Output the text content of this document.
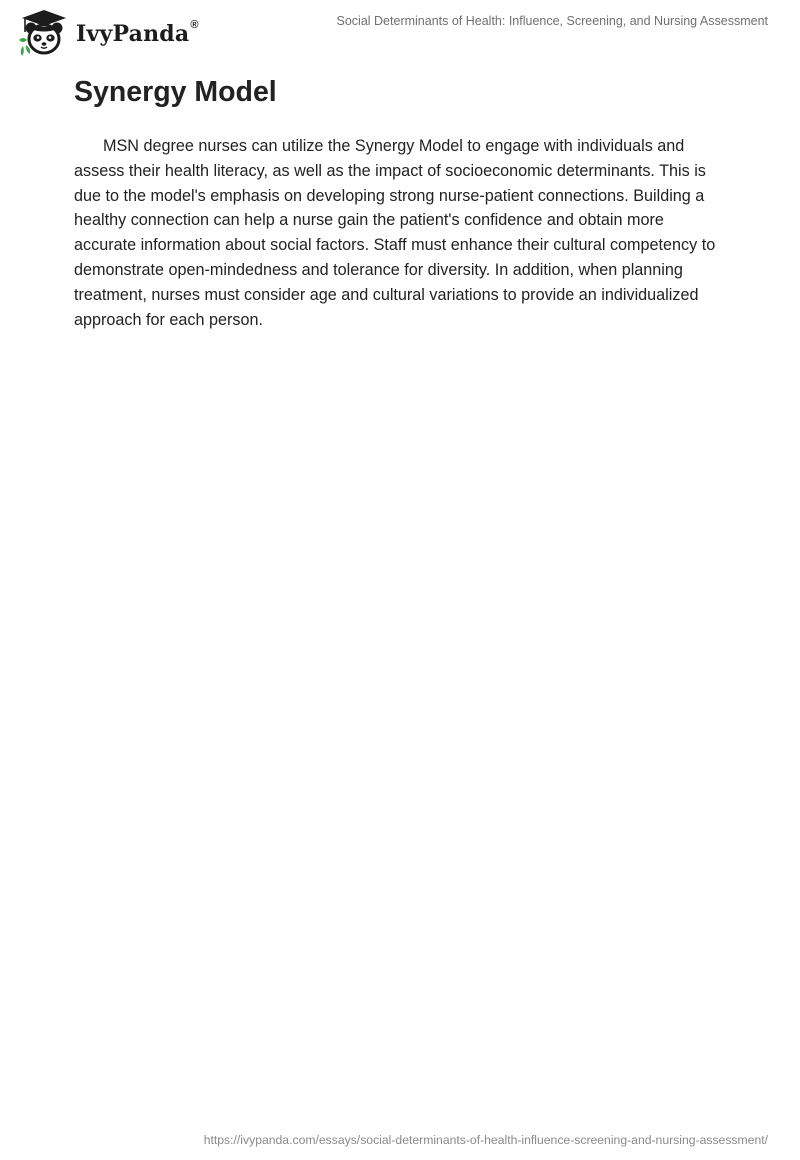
IvyPanda®	Social Determinants of Health: Influence, Screening, and Nursing Assessment
Synergy Model

MSN degree nurses can utilize the Synergy Model to engage with individuals and assess their health literacy, as well as the impact of socioeconomic determinants. This is due to the model's emphasis on developing strong nurse-patient connections. Building a healthy connection can help a nurse gain the patient's confidence and obtain more accurate information about social factors. Staff must enhance their cultural competency to demonstrate open-mindedness and tolerance for diversity. In addition, when planning treatment, nurses must consider age and cultural variations to provide an individualized approach for each person.

https://ivypanda.com/essays/social-determinants-of-health-influence-screening-and-nursing-assessment/
